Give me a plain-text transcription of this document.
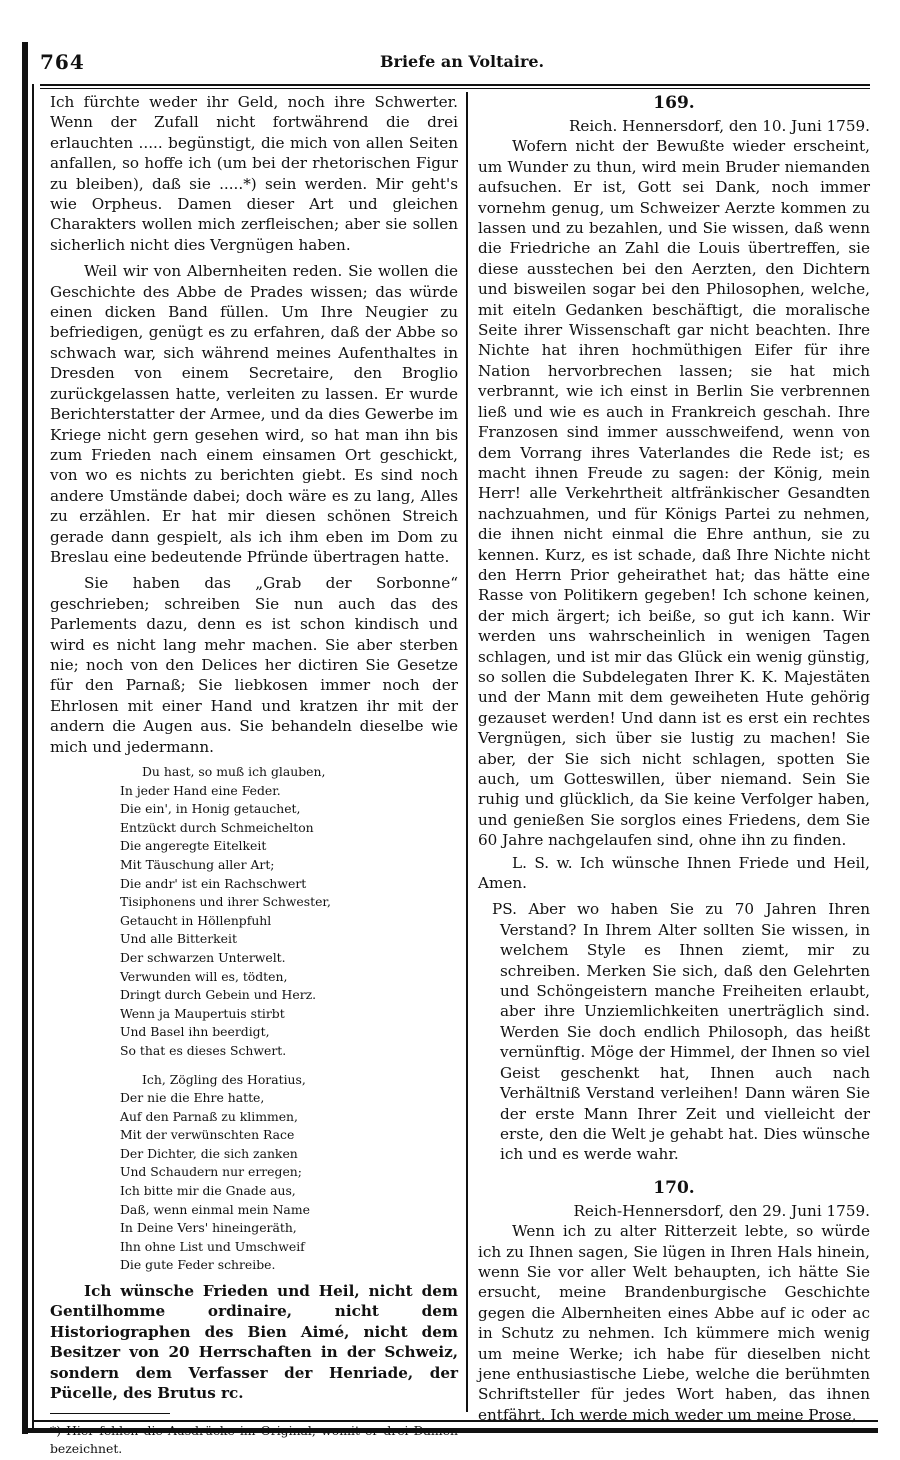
764	Briefe an Voltaire.

Ich fürchte weder ihr Geld, noch ihre Schwerter. Wenn der Zufall nicht fortwährend die drei erlauchten ..... begünstigt, die mich von allen Seiten anfallen, so hoffe ich (um bei der rhetorischen Figur zu bleiben), daß sie .....*) sein werden. Mir geht's wie Orpheus. Damen dieser Art und gleichen Charakters wollen mich zerfleischen; aber sie sollen sicherlich nicht dies Vergnügen haben.

Weil wir von Albernheiten reden. Sie wollen die Geschichte des Abbe de Prades wissen; das würde einen dicken Band füllen. Um Ihre Neugier zu befriedigen, genügt es zu erfahren, daß der Abbe so schwach war, sich während meines Aufenthaltes in Dresden von einem Secretaire, den Broglio zurückgelassen hatte, verleiten zu lassen. Er wurde Berichterstatter der Armee, und da dies Gewerbe im Kriege nicht gern gesehen wird, so hat man ihn bis zum Frieden nach einem einsamen Ort geschickt, von wo es nichts zu berichten giebt. Es sind noch andere Umstände dabei; doch wäre es zu lang, Alles zu erzählen. Er hat mir diesen schönen Streich gerade dann gespielt, als ich ihm eben im Dom zu Breslau eine bedeutende Pfründe übertragen hatte.

Sie haben das „Grab der Sorbonne“ geschrieben; schreiben Sie nun auch das des Parlements dazu, denn es ist schon kindisch und wird es nicht lang mehr machen. Sie aber sterben nie; noch von den Delices her dictiren Sie Gesetze für den Parnaß; Sie liebkosen immer noch der Ehrlosen mit einer Hand und kratzen ihr mit der andern die Augen aus. Sie behandeln dieselbe wie mich und jedermann.

Du hast, so muß ich glauben,
In jeder Hand eine Feder.
Die ein', in Honig getauchet,
Entzückt durch Schmeichelton
Die angeregte Eitelkeit
Mit Täuschung aller Art;
Die andr' ist ein Rachschwert
Tisiphonens und ihrer Schwester,
Getaucht in Höllenpfuhl
Und alle Bitterkeit
Der schwarzen Unterwelt.
Verwunden will es, tödten,
Dringt durch Gebein und Herz.
Wenn ja Maupertuis stirbt
Und Basel ihn beerdigt,
So that es dieses Schwert.
Ich, Zögling des Horatius,
Der nie die Ehre hatte,
Auf den Parnaß zu klimmen,
Mit der verwünschten Race
Der Dichter, die sich zanken
Und Schaudern nur erregen;
Ich bitte mir die Gnade aus,
Daß, wenn einmal mein Name
In Deine Vers' hineingeräth,
Ihn ohne List und Umschweif
Die gute Feder schreibe.

Ich wünsche Frieden und Heil, nicht dem Gentilhomme ordinaire, nicht dem Historiographen des Bien Aimé, nicht dem Besitzer von 20 Herrschaften in der Schweiz, sondern dem Verfasser der Henriade, der Pücelle, des Brutus rc.

*) Hier fehlen die Ausdrücke im Original; womit er drei Damen bezeichnet.

169.

Reich. Hennersdorf, den 10. Juni 1759.

Wofern nicht der Bewußte wieder erscheint, um Wunder zu thun, wird mein Bruder niemanden aufsuchen. Er ist, Gott sei Dank, noch immer vornehm genug, um Schweizer Aerzte kommen zu lassen und zu bezahlen, und Sie wissen, daß wenn die Friedriche an Zahl die Louis übertreffen, sie diese ausstechen bei den Aerzten, den Dichtern und bisweilen sogar bei den Philosophen, welche, mit eiteln Gedanken beschäftigt, die moralische Seite ihrer Wissenschaft gar nicht beachten. Ihre Nichte hat ihren hochmüthigen Eifer für ihre Nation hervorbrechen lassen; sie hat mich verbrannt, wie ich einst in Berlin Sie verbrennen ließ und wie es auch in Frankreich geschah. Ihre Franzosen sind immer ausschweifend, wenn von dem Vorrang ihres Vaterlandes die Rede ist; es macht ihnen Freude zu sagen: der König, mein Herr! alle Verkehrtheit altfränkischer Gesandten nachzuahmen, und für Königs Partei zu nehmen, die ihnen nicht einmal die Ehre anthun, sie zu kennen. Kurz, es ist schade, daß Ihre Nichte nicht den Herrn Prior geheirathet hat; das hätte eine Rasse von Politikern gegeben! Ich schone keinen, der mich ärgert; ich beiße, so gut ich kann. Wir werden uns wahrscheinlich in wenigen Tagen schlagen, und ist mir das Glück ein wenig günstig, so sollen die Subdelegaten Ihrer K. K. Majestäten und der Mann mit dem geweiheten Hute gehörig gezauset werden! Und dann ist es erst ein rechtes Vergnügen, sich über sie lustig zu machen! Sie aber, der Sie sich nicht schlagen, spotten Sie auch, um Gotteswillen, über niemand. Sein Sie ruhig und glücklich, da Sie keine Verfolger haben, und genießen Sie sorglos eines Friedens, dem Sie 60 Jahre nachgelaufen sind, ohne ihn zu finden.

L. S. w. Ich wünsche Ihnen Friede und Heil, Amen.

PS. Aber wo haben Sie zu 70 Jahren Ihren Verstand? In Ihrem Alter sollten Sie wissen, in welchem Style es Ihnen ziemt, mir zu schreiben. Merken Sie sich, daß den Gelehrten und Schöngeistern manche Freiheiten erlaubt, aber ihre Unziemlichkeiten unerträglich sind. Werden Sie doch endlich Philosoph, das heißt vernünftig. Möge der Himmel, der Ihnen so viel Geist geschenkt hat, Ihnen auch nach Verhältniß Verstand verleihen! Dann wären Sie der erste Mann Ihrer Zeit und vielleicht der erste, den die Welt je gehabt hat. Dies wünsche ich und es werde wahr.

170.

Reich-Hennersdorf, den 29. Juni 1759.

Wenn ich zu alter Ritterzeit lebte, so würde ich zu Ihnen sagen, Sie lügen in Ihren Hals hinein, wenn Sie vor aller Welt behaupten, ich hätte Sie ersucht, meine Brandenburgische Geschichte gegen die Albernheiten eines Abbe auf ic oder ac in Schutz zu nehmen. Ich kümmere mich wenig um meine Werke; ich habe für dieselben nicht jene enthusiastische Liebe, welche die berühmten Schriftsteller für jedes Wort haben, das ihnen entfährt. Ich werde mich weder um meine Prose,
